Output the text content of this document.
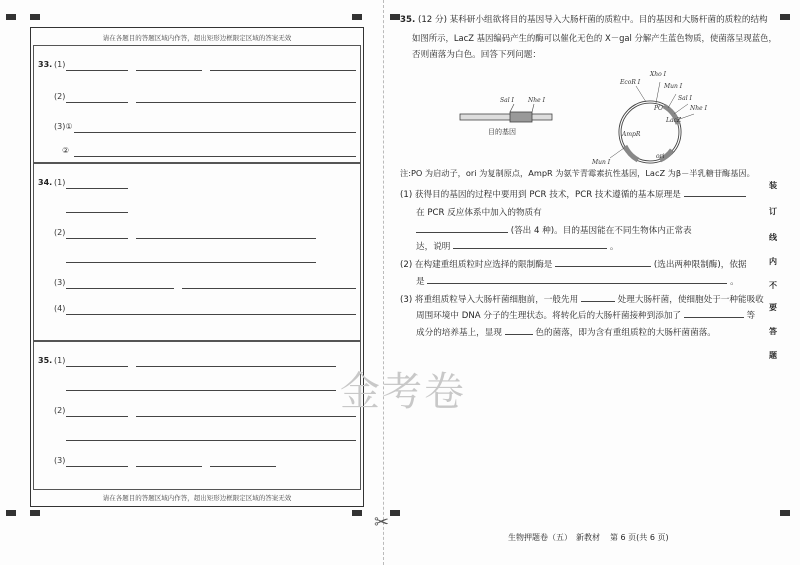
请在各题目的答题区域内作答，超出矩形边框限定区域的答案无效
33. (1)
(2)
(3)①
②
34. (1)
(2)
(3)
(4)
35. (1)
(2)
(3)
请在各题目的答题区域内作答，超出矩形边框限定区域的答案无效
✂
金考卷
35. (12 分) 某科研小组欲将目的基因导入大肠杆菌的质粒中。目的基因和大肠杆菌的质粒的结构
如图所示，LacZ 基因编码产生的酶可以催化无色的 X－gal 分解产生蓝色物质，使菌落呈现蓝色，
否则菌落为白色。回答下列问题：
Sal Ⅰ Nhe Ⅰ
目的基因
Xho Ⅰ
EcoR Ⅰ
Mun Ⅰ
Sal Ⅰ
Nhe Ⅰ
PO
LacZ
AmpR
ori
Mun Ⅰ
注:PO 为启动子，ori 为复制原点，AmpR 为氨苄青霉素抗性基因，LacZ 为β－半乳糖苷酶基因。
(1) 获得目的基因的过程中要用到 PCR 技术，PCR 技术遵循的基本原理是
在 PCR 反应体系中加入的物质有
(答出 4 种)。目的基因能在不同生物体内正常表
达，说明	。
(2) 在构建重组质粒时应选择的限制酶是	(选出两种限制酶)，依据
是	。
(3) 将重组质粒导入大肠杆菌细胞前，一般先用	处理大肠杆菌，使细胞处于一种能吸收
周围环境中 DNA 分子的生理状态。将转化后的大肠杆菌接种到添加了	等
成分的培养基上，显现	色的菌落，即为含有重组质粒的大肠杆菌菌落。
装
订
线
内
不
要
答
题
生物押题卷（五） 新教材 第 6 页(共 6 页)
